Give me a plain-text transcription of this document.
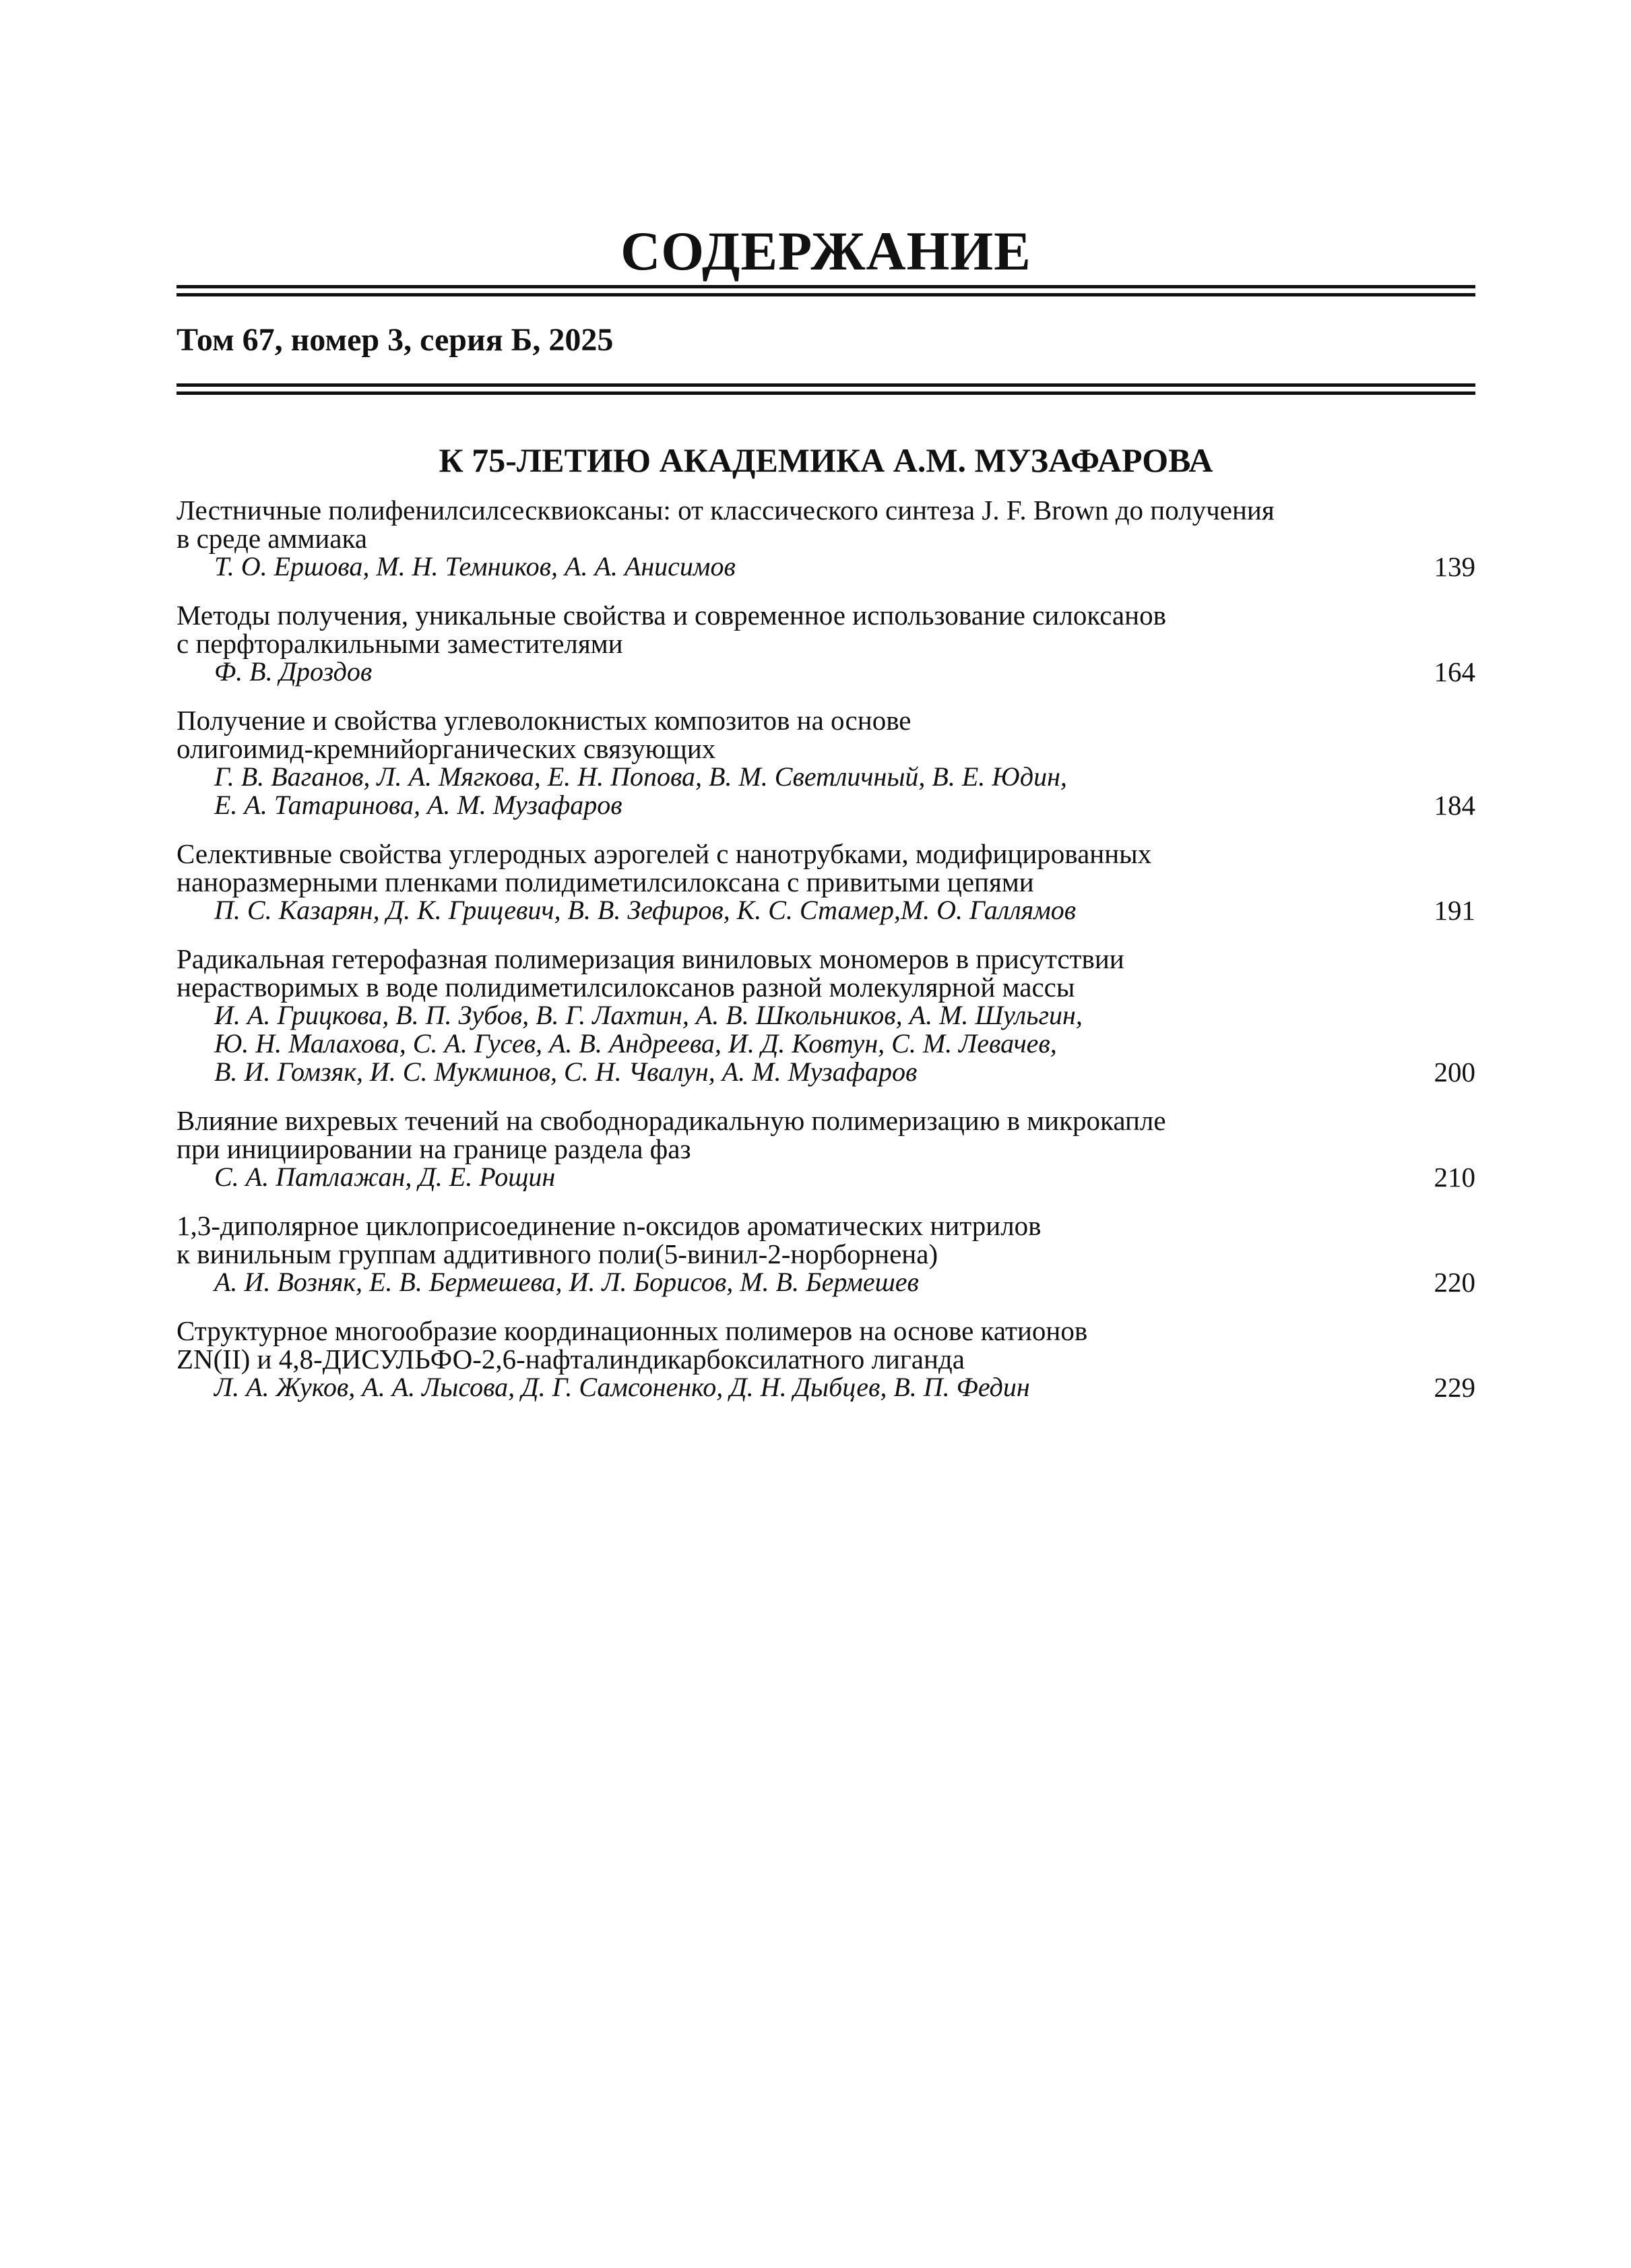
СОДЕРЖАНИЕ
Том 67, номер 3, серия Б, 2025
К 75-ЛЕТИЮ АКАДЕМИКА А.М. МУЗАФАРОВА
Лестничные полифенилсилсесквиоксаны: от классического синтеза J. F. Brown до получения
в среде аммиака
Т. О. Ершова, М. Н. Темников, А. А. Анисимов	139
Методы получения, уникальные свойства и современное использование силоксанов
с перфторалкильными заместителями
Ф. В. Дроздов	164
Получение и свойства углеволокнистых композитов на основе
олигоимид-кремнийорганических связующих
Г. В. Ваганов, Л. А. Мягкова, Е. Н. Попова, В. М. Светличный, В. Е. Юдин,
Е. А. Татаринова, А. М. Музафаров	184
Селективные свойства углеродных аэрогелей с нанотрубками, модифицированных
наноразмерными пленками полидиметилсилоксана с привитыми цепями
П. С. Казарян, Д. К. Грицевич, В. В. Зефиров, К. С. Стамер,М. О. Галлямов	191
Радикальная гетерофазная полимеризация виниловых мономеров в присутствии
нерастворимых в воде полидиметилсилоксанов разной молекулярной массы
И. А. Грицкова, В. П. Зубов, В. Г. Лахтин, А. В. Школьников, А. М. Шульгин,
Ю. Н. Малахова, С. А. Гусев, А. В. Андреева, И. Д. Ковтун, С. М. Левачев,
В. И. Гомзяк, И. С. Мукминов, С. Н. Чвалун, А. М. Музафаров	200
Влияние вихревых течений на свободнорадикальную полимеризацию в микрокапле
при инициировании на границе раздела фаз
С. А. Патлажан, Д. Е. Рощин	210
1,3-диполярное циклоприсоединение n-оксидов ароматических нитрилов
к винильным группам аддитивного поли(5-винил-2-норборнена)
А. И. Возняк, Е. В. Бермешева, И. Л. Борисов, М. В. Бермешев	220
Структурное многообразие координационных полимеров на основе катионов
ZN(II) и 4,8-ДИСУЛЬФО-2,6-нафталиндикарбоксилатного лиганда
Л. А. Жуков, А. А. Лысова, Д. Г. Самсоненко, Д. Н. Дыбцев, В. П. Федин	229
